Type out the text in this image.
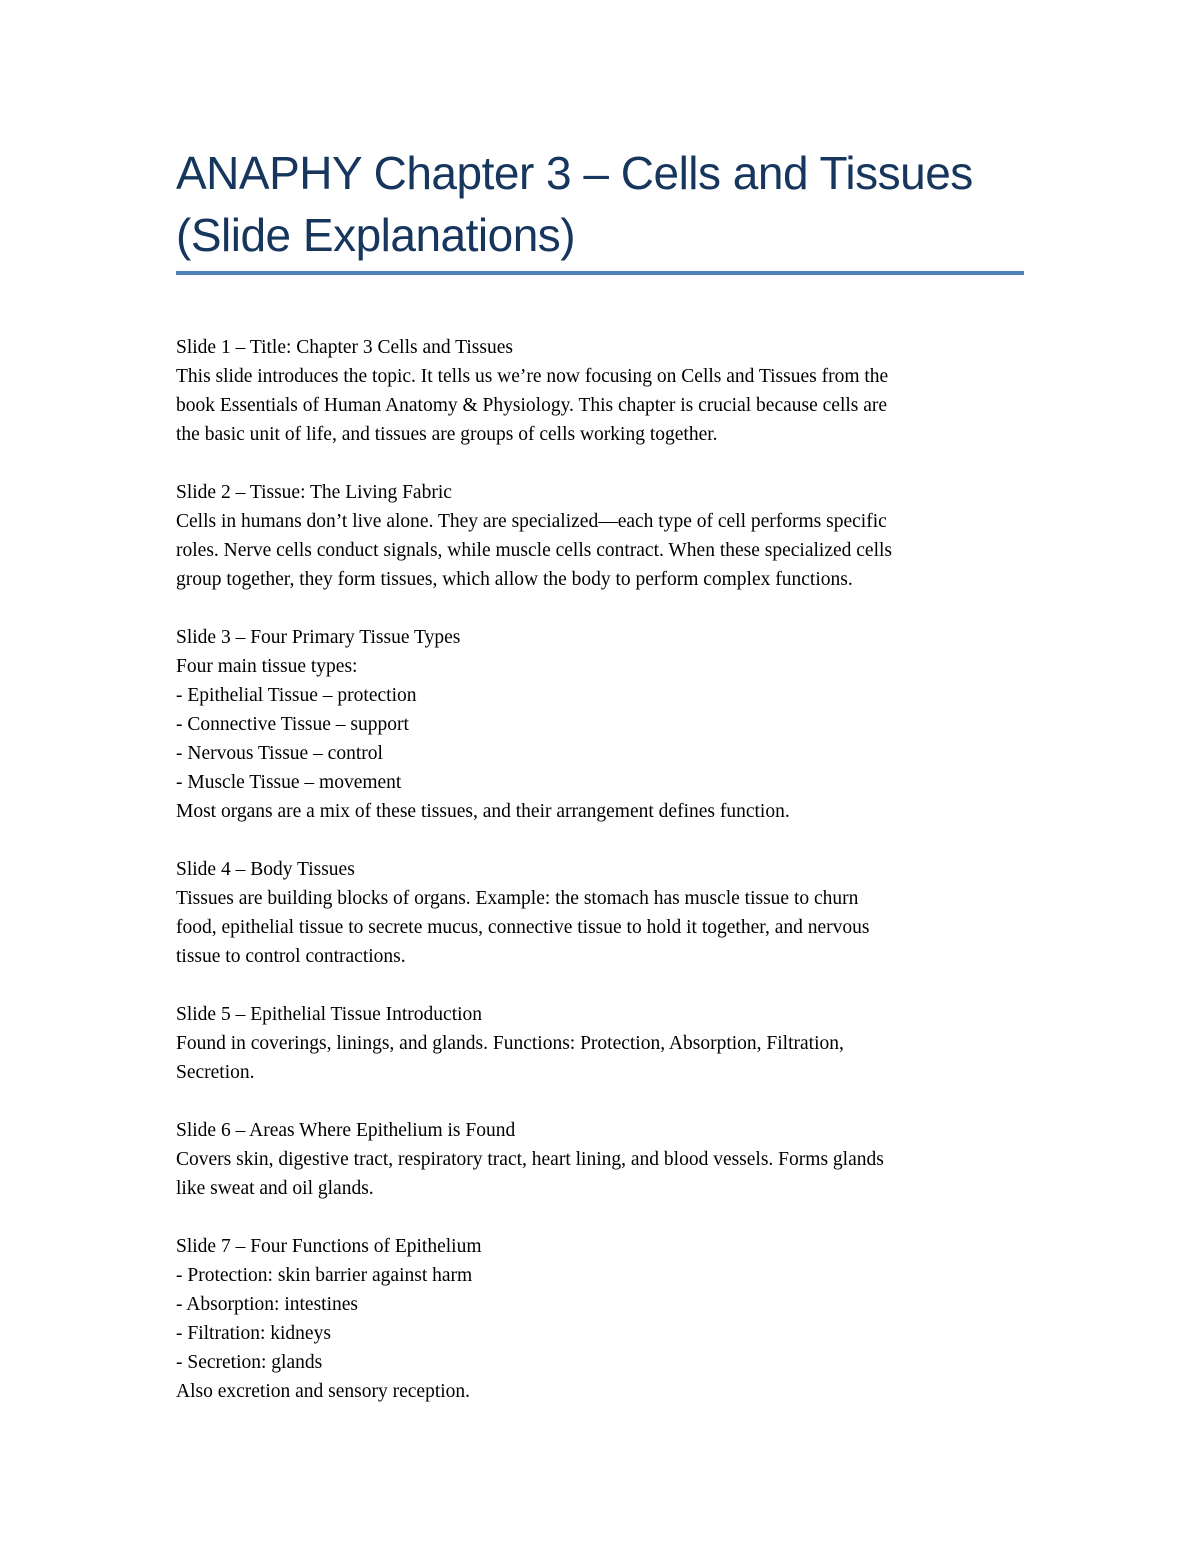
ANAPHY Chapter 3 – Cells and Tissues
(Slide Explanations)
Slide 1 – Title: Chapter 3 Cells and Tissues
This slide introduces the topic. It tells us we’re now focusing on Cells and Tissues from the
book Essentials of Human Anatomy & Physiology. This chapter is crucial because cells are
the basic unit of life, and tissues are groups of cells working together.
Slide 2 – Tissue: The Living Fabric
Cells in humans don’t live alone. They are specialized—each type of cell performs specific
roles. Nerve cells conduct signals, while muscle cells contract. When these specialized cells
group together, they form tissues, which allow the body to perform complex functions.
Slide 3 – Four Primary Tissue Types
Four main tissue types:
- Epithelial Tissue – protection
- Connective Tissue – support
- Nervous Tissue – control
- Muscle Tissue – movement
Most organs are a mix of these tissues, and their arrangement defines function.
Slide 4 – Body Tissues
Tissues are building blocks of organs. Example: the stomach has muscle tissue to churn
food, epithelial tissue to secrete mucus, connective tissue to hold it together, and nervous
tissue to control contractions.
Slide 5 – Epithelial Tissue Introduction
Found in coverings, linings, and glands. Functions: Protection, Absorption, Filtration,
Secretion.
Slide 6 – Areas Where Epithelium is Found
Covers skin, digestive tract, respiratory tract, heart lining, and blood vessels. Forms glands
like sweat and oil glands.
Slide 7 – Four Functions of Epithelium
- Protection: skin barrier against harm
- Absorption: intestines
- Filtration: kidneys
- Secretion: glands
Also excretion and sensory reception.
